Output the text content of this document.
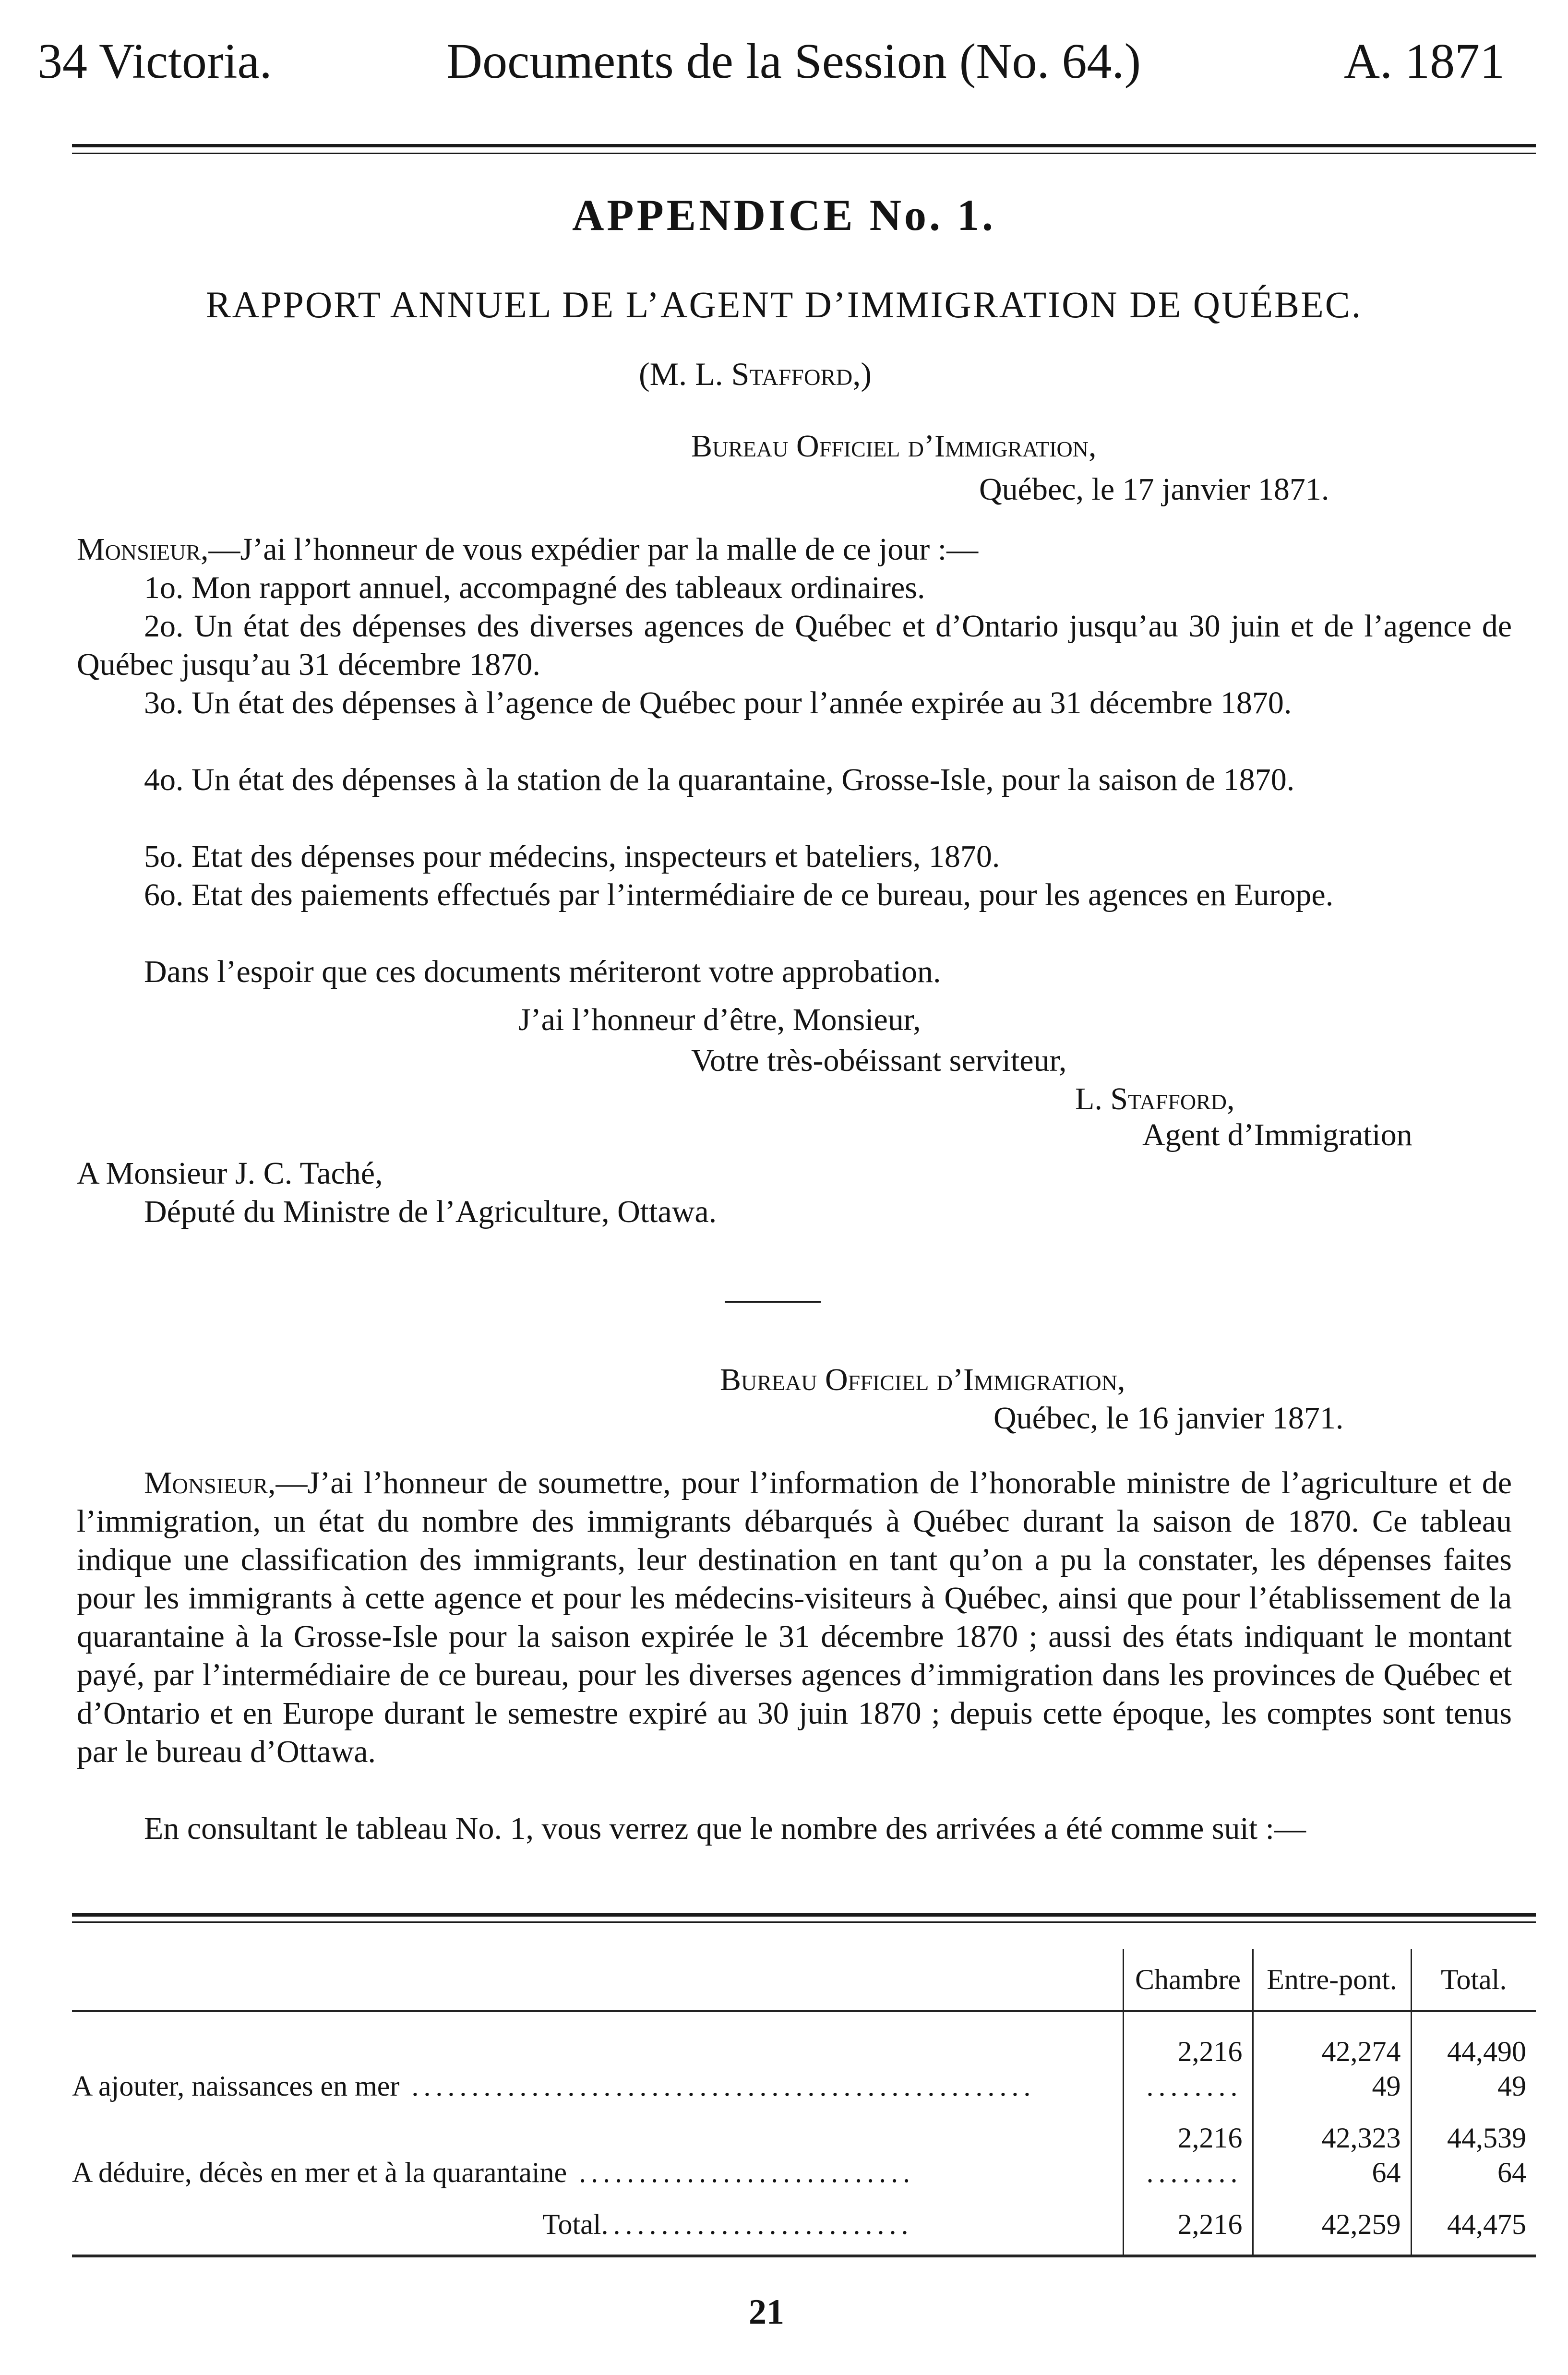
34 Victoria.	Documents de la Session (No. 64.)	A. 1871
APPENDICE No. 1.
RAPPORT ANNUEL DE L’AGENT D’IMMIGRATION DE QUÉBEC.
(M. L. Stafford,)
Bureau Officiel d’Immigration,
Québec, le 17 janvier 1871.
Monsieur,—J’ai l’honneur de vous expédier par la malle de ce jour :—
1o. Mon rapport annuel, accompagné des tableaux ordinaires.
2o. Un état des dépenses des diverses agences de Québec et d’Ontario jusqu’au 30 juin et de l’agence de Québec jusqu’au 31 décembre 1870.
3o. Un état des dépenses à l’agence de Québec pour l’année expirée au 31 décembre 1870.
4o. Un état des dépenses à la station de la quarantaine, Grosse-Isle, pour la saison de 1870.
5o. Etat des dépenses pour médecins, inspecteurs et bateliers, 1870.
6o. Etat des paiements effectués par l’intermédiaire de ce bureau, pour les agences en Europe.
Dans l’espoir que ces documents mériteront votre approbation.
J’ai l’honneur d’être, Monsieur,
Votre très-obéissant serviteur,
L. Stafford,
Agent d’Immigration
A Monsieur J. C. Taché,
Député du Ministre de l’Agriculture, Ottawa.
Bureau Officiel d’Immigration,
Québec, le 16 janvier 1871.
Monsieur,—J’ai l’honneur de soumettre, pour l’information de l’honorable ministre de l’agriculture et de l’immigration, un état du nombre des immigrants débarqués à Québec durant la saison de 1870. Ce tableau indique une classification des immigrants, leur destination en tant qu’on a pu la constater, les dépenses faites pour les immigrants à cette agence et pour les médecins-visiteurs à Québec, ainsi que pour l’établissement de la quarantaine à la Grosse-Isle pour la saison expirée le 31 décembre 1870 ; aussi des états indiquant le montant payé, par l’intermédiaire de ce bureau, pour les diverses agences d’immigration dans les provinces de Québec et d’Ontario et en Europe durant le semestre expiré au 30 juin 1870 ; depuis cette époque, les comptes sont tenus par le bureau d’Ottawa.
En consultant le tableau No. 1, vous verrez que le nombre des arrivées a été comme suit :—
	Chambre	Entre-pont.	Total.
	2,216	42,274	44,490
A ajouter, naissances en mer ....................................................	........	49	49
	2,216	42,323	44,539
A déduire, décès en mer et à la quarantaine ............................	........	64	64
Total..........................	2,216	42,259	44,475
21
